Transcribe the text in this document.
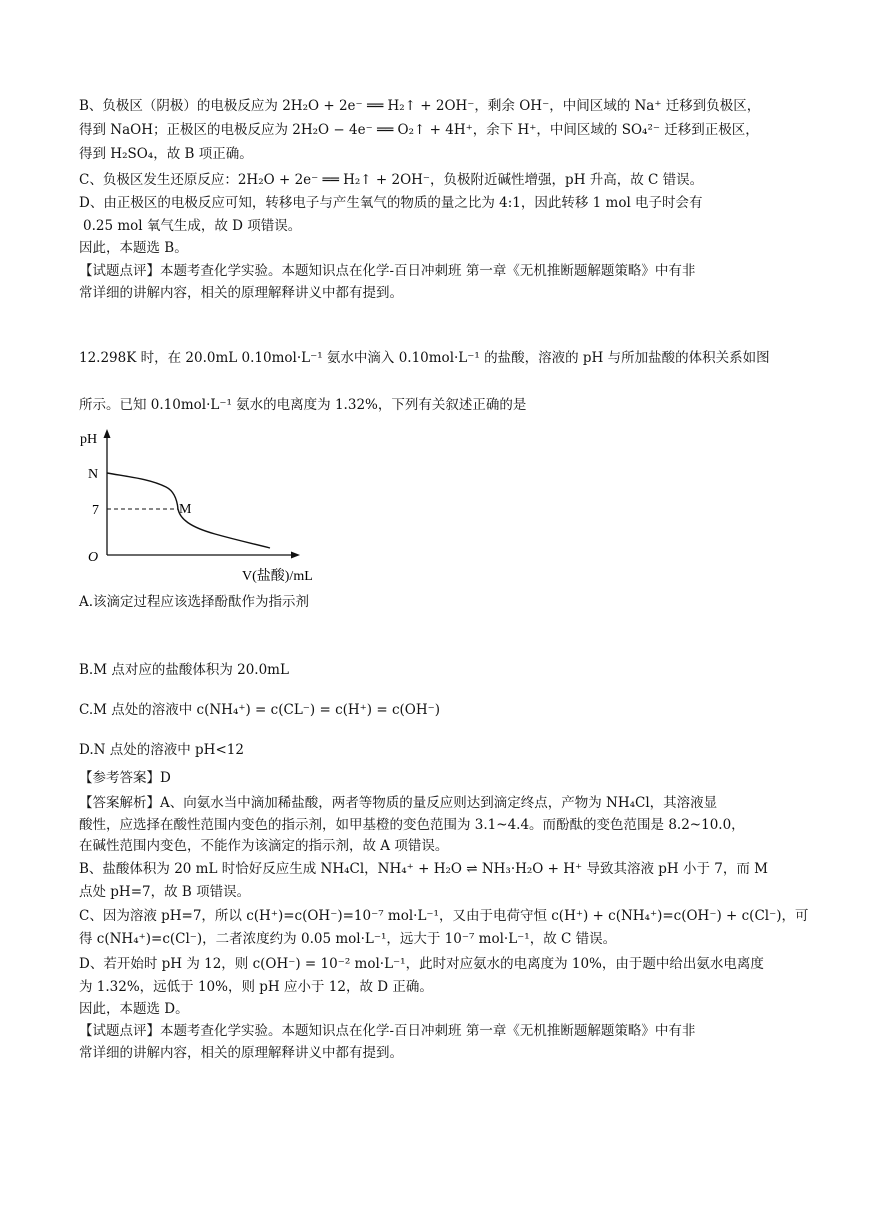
B、负极区（阴极）的电极反应为 2H₂O + 2e⁻ ══ H₂↑ + 2OH⁻，剩余 OH⁻，中间区域的 Na⁺ 迁移到负极区，
得到 NaOH；正极区的电极反应为 2H₂O − 4e⁻ ══ O₂↑ + 4H⁺，余下 H⁺，中间区域的 SO₄²⁻ 迁移到正极区，
得到 H₂SO₄，故 B 项正确。
C、负极区发生还原反应：2H₂O + 2e⁻ ══ H₂↑ + 2OH⁻，负极附近碱性增强，pH 升高，故 C 错误。
D、由正极区的电极反应可知，转移电子与产生氧气的物质的量之比为 4:1，因此转移 1 mol 电子时会有
0.25 mol 氧气生成，故 D 项错误。
因此，本题选 B。
【试题点评】本题考查化学实验。本题知识点在化学-百日冲刺班 第一章《无机推断题解题策略》中有非
常详细的讲解内容，相关的原理解释讲义中都有提到。
12.298K 时，在 20.0mL 0.10mol·L⁻¹ 氨水中滴入 0.10mol·L⁻¹ 的盐酸，溶液的 pH 与所加盐酸的体积关系如图
所示。已知 0.10mol·L⁻¹ 氨水的电离度为 1.32%，下列有关叙述正确的是
pH
N
7
O
M
V(盐酸)/mL
A.该滴定过程应该选择酚酞作为指示剂
B.M 点对应的盐酸体积为 20.0mL
C.M 点处的溶液中 c(NH₄⁺) = c(CL⁻) = c(H⁺) = c(OH⁻)
D.N 点处的溶液中 pH<12
【参考答案】D
【答案解析】A、向氨水当中滴加稀盐酸，两者等物质的量反应则达到滴定终点，产物为 NH₄Cl，其溶液显
酸性，应选择在酸性范围内变色的指示剂，如甲基橙的变色范围为 3.1~4.4。而酚酞的变色范围是 8.2~10.0，
在碱性范围内变色，不能作为该滴定的指示剂，故 A 项错误。
B、盐酸体积为 20 mL 时恰好反应生成 NH₄Cl，NH₄⁺ + H₂O ⇌ NH₃·H₂O + H⁺ 导致其溶液 pH 小于 7，而 M
点处 pH=7，故 B 项错误。
C、因为溶液 pH=7，所以 c(H⁺)=c(OH⁻)=10⁻⁷ mol·L⁻¹，又由于电荷守恒 c(H⁺) + c(NH₄⁺)=c(OH⁻) + c(Cl⁻)，可
得 c(NH₄⁺)=c(Cl⁻)，二者浓度约为 0.05 mol·L⁻¹，远大于 10⁻⁷ mol·L⁻¹，故 C 错误。
D、若开始时 pH 为 12，则 c(OH⁻) = 10⁻² mol·L⁻¹，此时对应氨水的电离度为 10%，由于题中给出氨水电离度
为 1.32%，远低于 10%，则 pH 应小于 12，故 D 正确。
因此，本题选 D。
【试题点评】本题考查化学实验。本题知识点在化学-百日冲刺班 第一章《无机推断题解题策略》中有非
常详细的讲解内容，相关的原理解释讲义中都有提到。
